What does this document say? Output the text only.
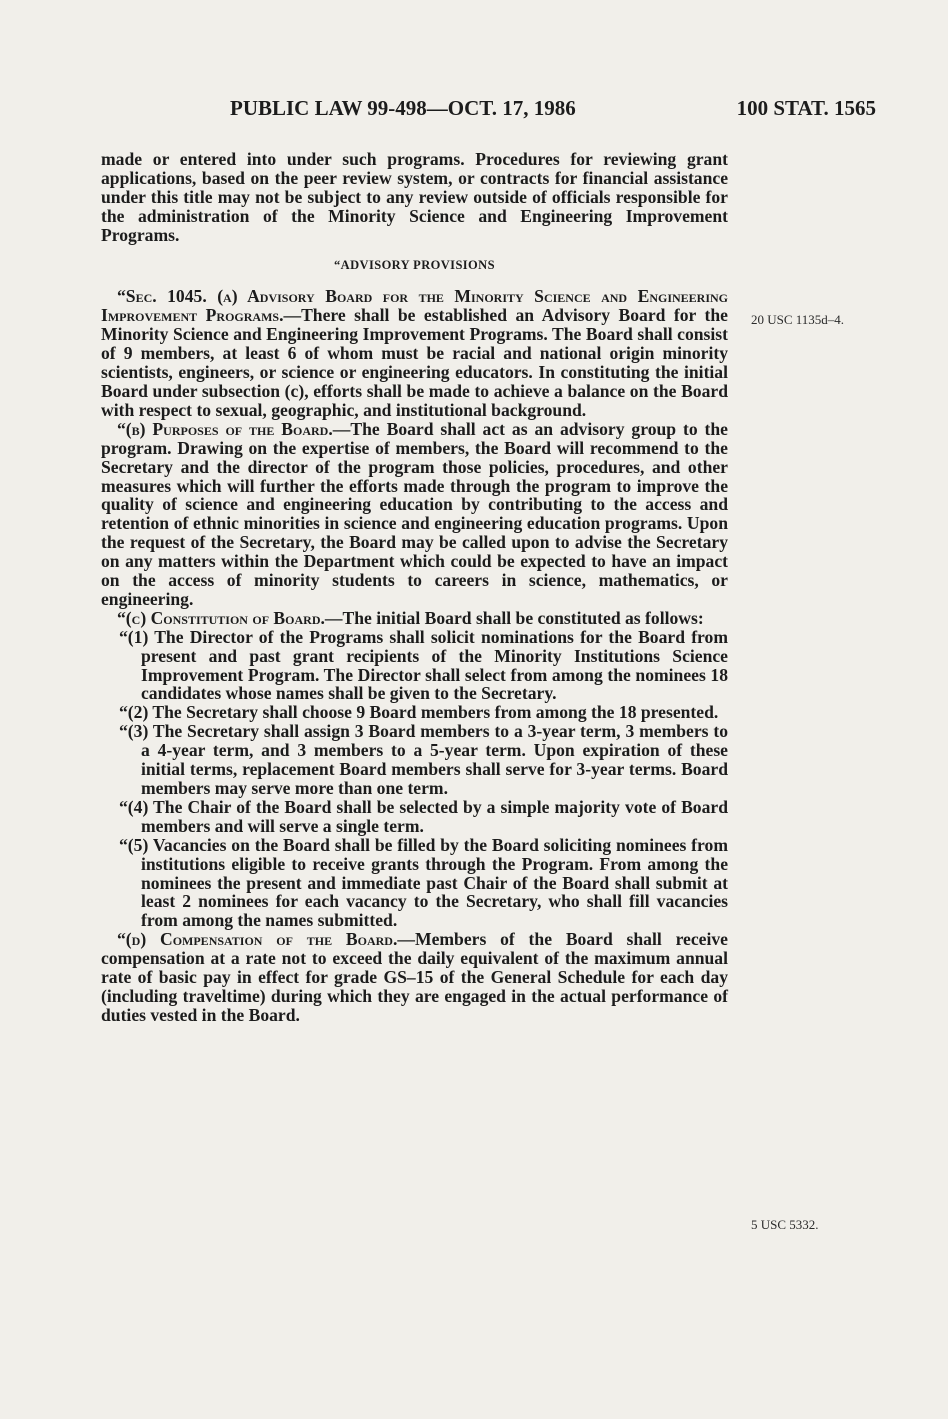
PUBLIC LAW 99-498—OCT. 17, 1986	100 STAT. 1565
20 USC 1135d–4.
5 USC 5332.

made or entered into under such programs. Procedures for reviewing grant applications, based on the peer review system, or contracts for financial assistance under this title may not be subject to any review outside of officials responsible for the administration of the Minority Science and Engineering Improvement Programs.

“ADVISORY PROVISIONS

“Sec. 1045. (a) Advisory Board for the Minority Science and Engineering Improvement Programs.—There shall be established an Advisory Board for the Minority Science and Engineering Improvement Programs. The Board shall consist of 9 members, at least 6 of whom must be racial and national origin minority scientists, engineers, or science or engineering educators. In constituting the initial Board under subsection (c), efforts shall be made to achieve a balance on the Board with respect to sexual, geographic, and institutional background.

“(b) Purposes of the Board.—The Board shall act as an advisory group to the program. Drawing on the expertise of members, the Board will recommend to the Secretary and the director of the program those policies, procedures, and other measures which will further the efforts made through the program to improve the quality of science and engineering education by contributing to the access and retention of ethnic minorities in science and engineering education programs. Upon the request of the Secretary, the Board may be called upon to advise the Secretary on any matters within the Department which could be expected to have an impact on the access of minority students to careers in science, mathematics, or engineering.

“(c) Constitution of Board.—The initial Board shall be constituted as follows:

“(1) The Director of the Programs shall solicit nominations for the Board from present and past grant recipients of the Minority Institutions Science Improvement Program. The Director shall select from among the nominees 18 candidates whose names shall be given to the Secretary.

“(2) The Secretary shall choose 9 Board members from among the 18 presented.

“(3) The Secretary shall assign 3 Board members to a 3-year term, 3 members to a 4-year term, and 3 members to a 5-year term. Upon expiration of these initial terms, replacement Board members shall serve for 3-year terms. Board members may serve more than one term.

“(4) The Chair of the Board shall be selected by a simple majority vote of Board members and will serve a single term.

“(5) Vacancies on the Board shall be filled by the Board soliciting nominees from institutions eligible to receive grants through the Program. From among the nominees the present and immediate past Chair of the Board shall submit at least 2 nominees for each vacancy to the Secretary, who shall fill vacancies from among the names submitted.

“(d) Compensation of the Board.—Members of the Board shall receive compensation at a rate not to exceed the daily equivalent of the maximum annual rate of basic pay in effect for grade GS–15 of the General Schedule for each day (including traveltime) during which they are engaged in the actual performance of duties vested in the Board.
